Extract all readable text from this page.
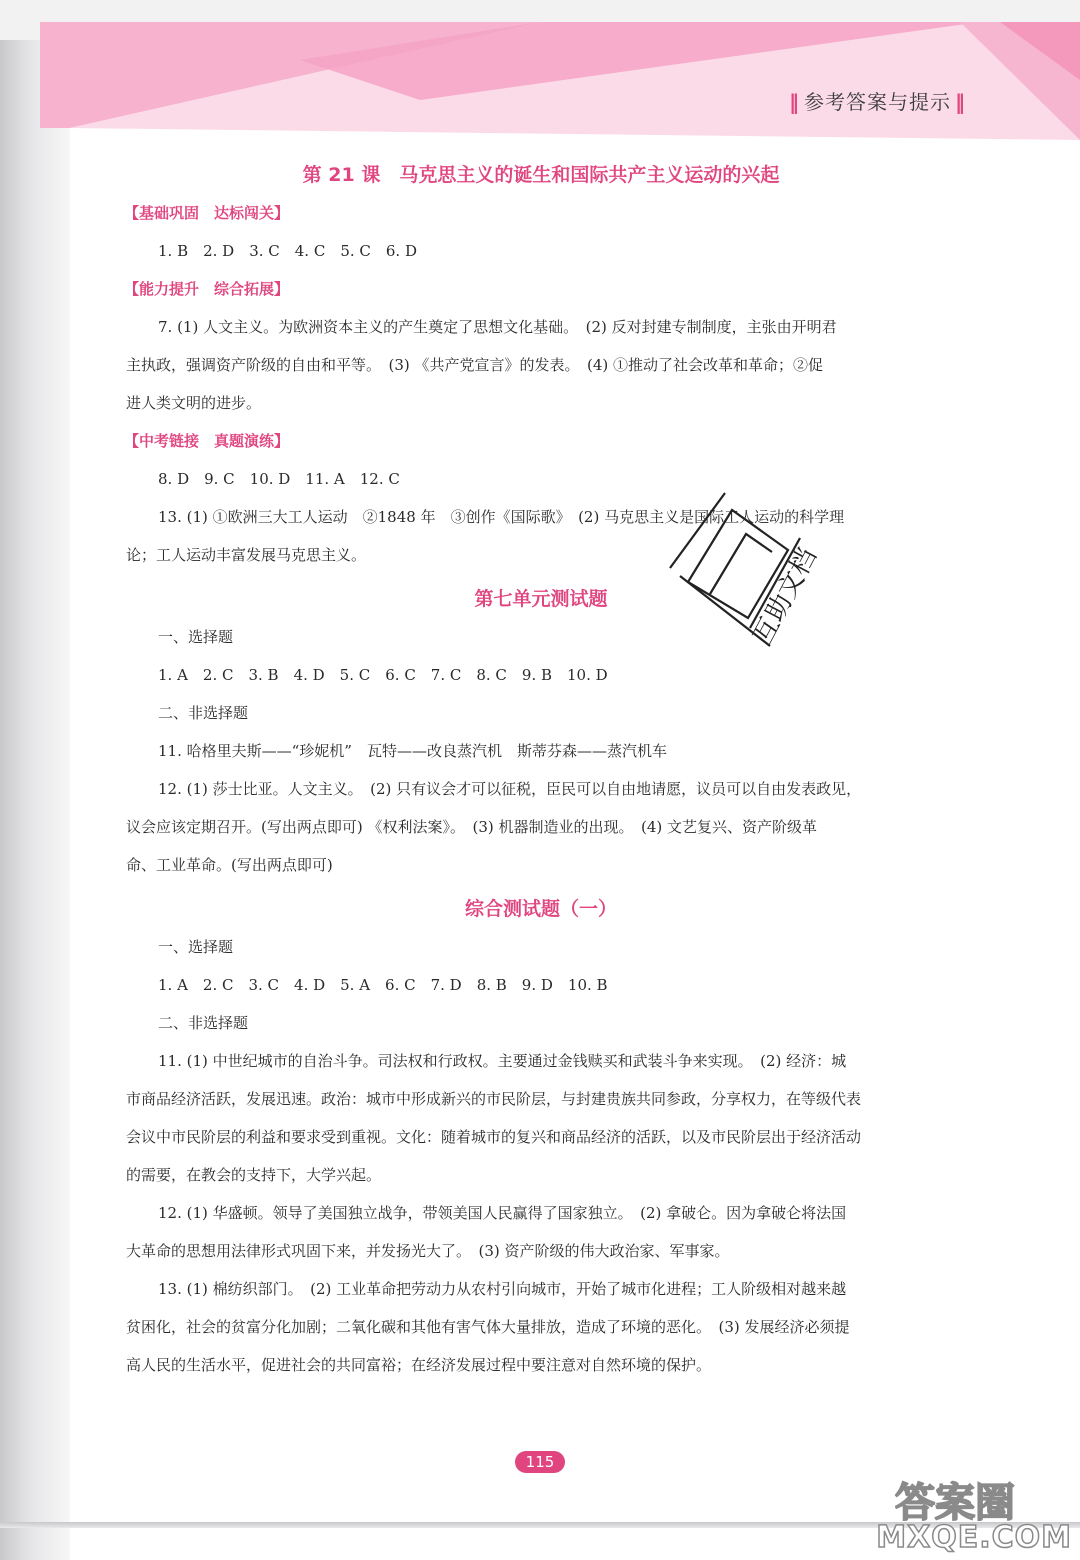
‖ 参考答案与提示 ‖
第 21 课　马克思主义的诞生和国际共产主义运动的兴起
【基础巩固　达标闯关】
1. B　2. D　3. C　4. C　5. C　6. D
【能力提升　综合拓展】
7. (1) 人文主义。为欧洲资本主义的产生奠定了思想文化基础。　(2) 反对封建专制制度，主张由开明君
主执政，强调资产阶级的自由和平等。　(3) 《共产党宣言》的发表。　(4) ①推动了社会改革和革命；②促
进人类文明的进步。
【中考链接　真题演练】
8. D　9. C　10. D　11. A　12. C
13. (1) ①欧洲三大工人运动　②1848 年　③创作《国际歌》　(2) 马克思主义是国际工人运动的科学理
论；工人运动丰富发展马克思主义。
第七单元测试题
一、选择题
1. A　2. C　3. B　4. D　5. C　6. C　7. C　8. C　9. B　10. D
二、非选择题
11. 哈格里夫斯——“珍妮机”　瓦特——改良蒸汽机　斯蒂芬森——蒸汽机车
12. (1) 莎士比亚。人文主义。　(2) 只有议会才可以征税，臣民可以自由地请愿，议员可以自由发表政见，
议会应该定期召开。(写出两点即可) 《权利法案》。　(3) 机器制造业的出现。　(4) 文艺复兴、资产阶级革
命、工业革命。(写出两点即可)
综合测试题（一）
一、选择题
1. A　2. C　3. C　4. D　5. A　6. C　7. D　8. B　9. D　10. B
二、非选择题
11. (1) 中世纪城市的自治斗争。司法权和行政权。主要通过金钱赎买和武装斗争来实现。　(2) 经济：城
市商品经济活跃，发展迅速。政治：城市中形成新兴的市民阶层，与封建贵族共同参政，分享权力，在等级代表
会议中市民阶层的利益和要求受到重视。文化：随着城市的复兴和商品经济的活跃，以及市民阶层出于经济活动
的需要，在教会的支持下，大学兴起。
12. (1) 华盛顿。领导了美国独立战争，带领美国人民赢得了国家独立。　(2) 拿破仑。因为拿破仑将法国
大革命的思想用法律形式巩固下来，并发扬光大了。　(3) 资产阶级的伟大政治家、军事家。
13. (1) 棉纺织部门。　(2) 工业革命把劳动力从农村引向城市，开始了城市化进程；工人阶级相对越来越
贫困化，社会的贫富分化加剧；二氧化碳和其他有害气体大量排放，造成了环境的恶化。　(3) 发展经济必须提
高人民的生活水平，促进社会的共同富裕；在经济发展过程中要注意对自然环境的保护。
互助文档
115
答案圈
MXQE.COM
